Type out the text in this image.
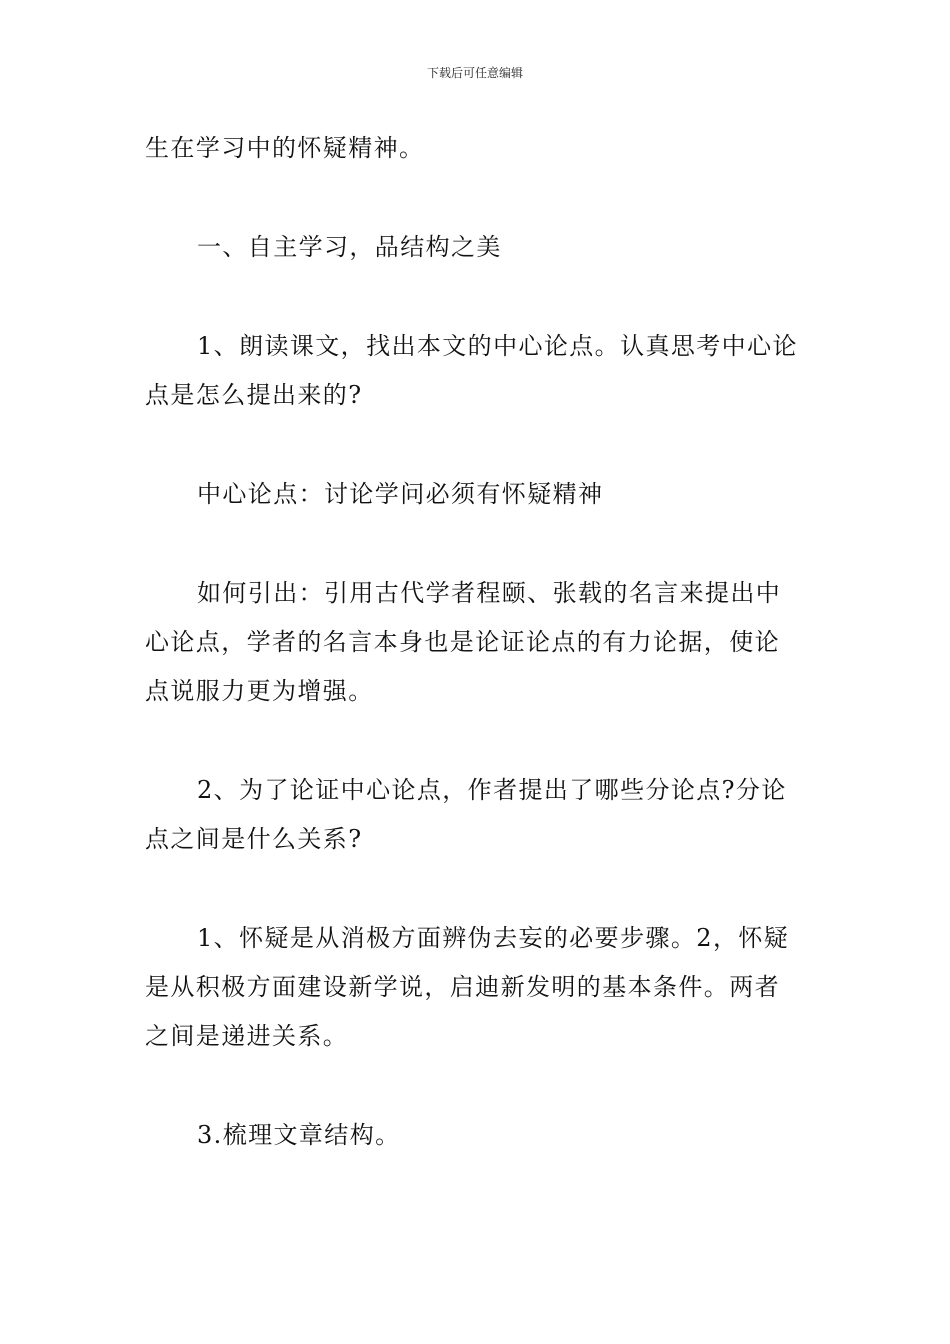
下载后可任意编辑

生在学习中的怀疑精神。

一、自主学习，品结构之美

1、朗读课文，找出本文的中心论点。认真思考中心论点是怎么提出来的?

中心论点：讨论学问必须有怀疑精神

如何引出：引用古代学者程颐、张载的名言来提出中心论点，学者的名言本身也是论证论点的有力论据，使论点说服力更为增强。

2、为了论证中心论点，作者提出了哪些分论点?分论点之间是什么关系?

1、怀疑是从消极方面辨伪去妄的必要步骤。2，怀疑是从积极方面建设新学说，启迪新发明的基本条件。两者之间是递进关系。

3.梳理文章结构。
